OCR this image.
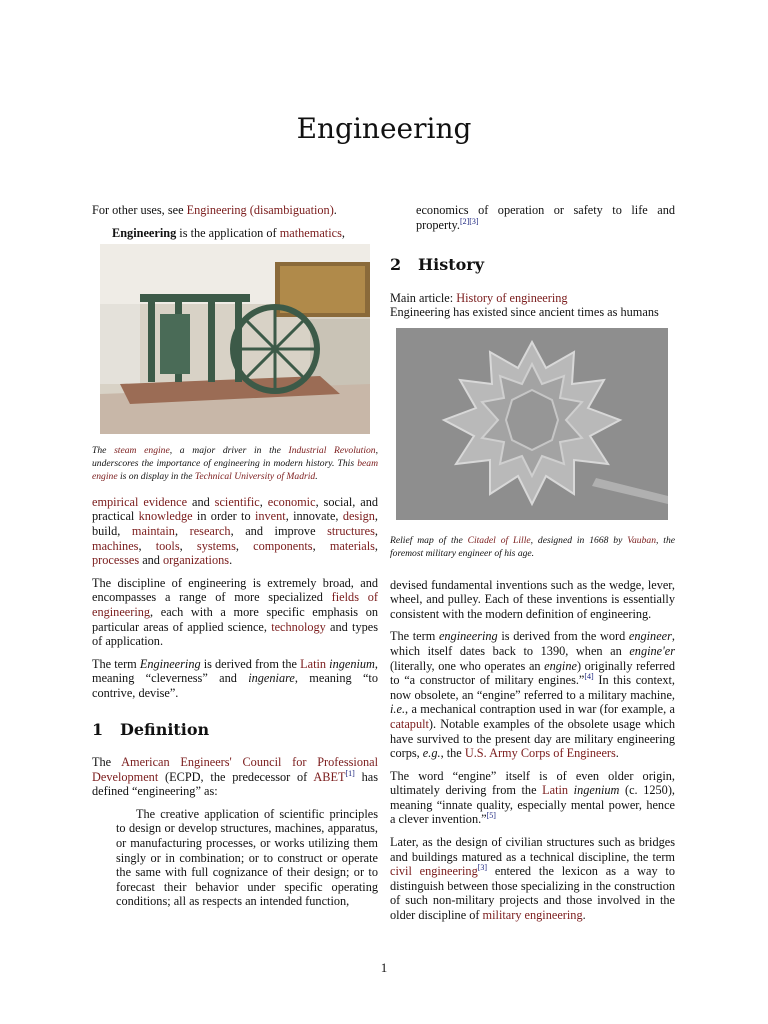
Engineering

For other uses, see Engineering (disambiguation).

Engineering is the application of mathematics,

The steam engine, a major driver in the Industrial Revolution, underscores the importance of engineering in modern history. This beam engine is on display in the Technical University of Madrid.

empirical evidence and scientific, economic, social, and practical knowledge in order to invent, innovate, design, build, maintain, research, and improve structures, machines, tools, systems, components, materials, processes and organizations.

The discipline of engineering is extremely broad, and encompasses a range of more specialized fields of engineering, each with a more specific emphasis on particular areas of applied science, technology and types of application.

The term Engineering is derived from the Latin ingenium, meaning “cleverness” and ingeniare, meaning “to contrive, devise”.

1 Definition

The American Engineers' Council for Professional Development (ECPD, the predecessor of ABET[1] has defined “engineering” as:

The creative application of scientific principles to design or develop structures, machines, apparatus, or manufacturing processes, or works utilizing them singly or in combination; or to construct or operate the same with full cognizance of their design; or to forecast their behavior under specific operating conditions; all as respects an intended function,

economics of operation or safety to life and property.[2][3]

2 History

Main article: History of engineering

Engineering has existed since ancient times as humans

Relief map of the Citadel of Lille, designed in 1668 by Vauban, the foremost military engineer of his age.

devised fundamental inventions such as the wedge, lever, wheel, and pulley. Each of these inventions is essentially consistent with the modern definition of engineering.

The term engineering is derived from the word engineer, which itself dates back to 1390, when an engine'er (literally, one who operates an engine) originally referred to “a constructor of military engines.”[4] In this context, now obsolete, an “engine” referred to a military machine, i.e., a mechanical contraption used in war (for example, a catapult). Notable examples of the obsolete usage which have survived to the present day are military engineering corps, e.g., the U.S. Army Corps of Engineers.

The word “engine” itself is of even older origin, ultimately deriving from the Latin ingenium (c. 1250), meaning “innate quality, especially mental power, hence a clever invention.”[5]

Later, as the design of civilian structures such as bridges and buildings matured as a technical discipline, the term civil engineering[3] entered the lexicon as a way to distinguish between those specializing in the construction of such non-military projects and those involved in the older discipline of military engineering.

1
